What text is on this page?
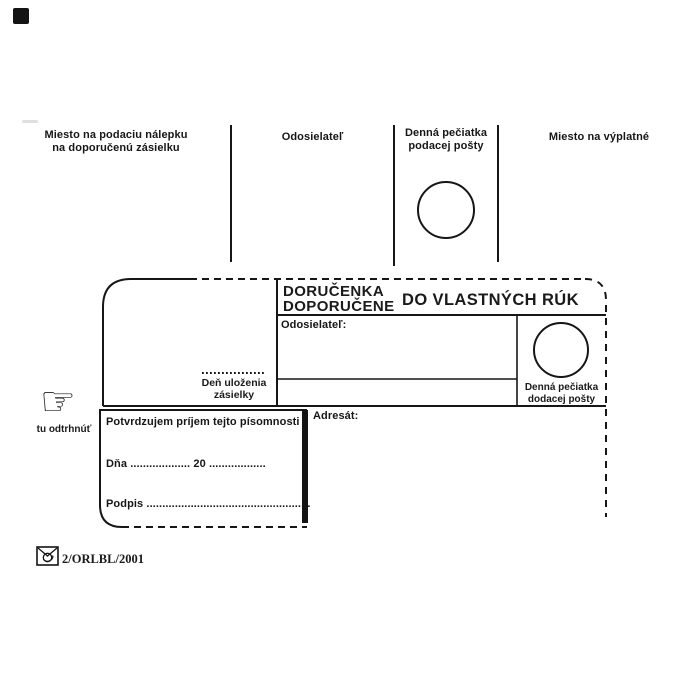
Miesto na podaciu nálepku
na doporučenú zásielku
Odosielateľ	Denná pečiatka
podacej pošty
Miesto na výplatné
DORUČENKA
DOPORUČENE DO VLASTNÝCH RÚK
Odosielateľ:
Deň uloženia
zásielky
Denná pečiatka
dodacej pošty
Adresát:
Potvrdzujem príjem tejto písomnosti
Dňa ................... 20 ..................
Podpis ....................................................
☞
tu odtrhnúť
2/ORLBL/2001
